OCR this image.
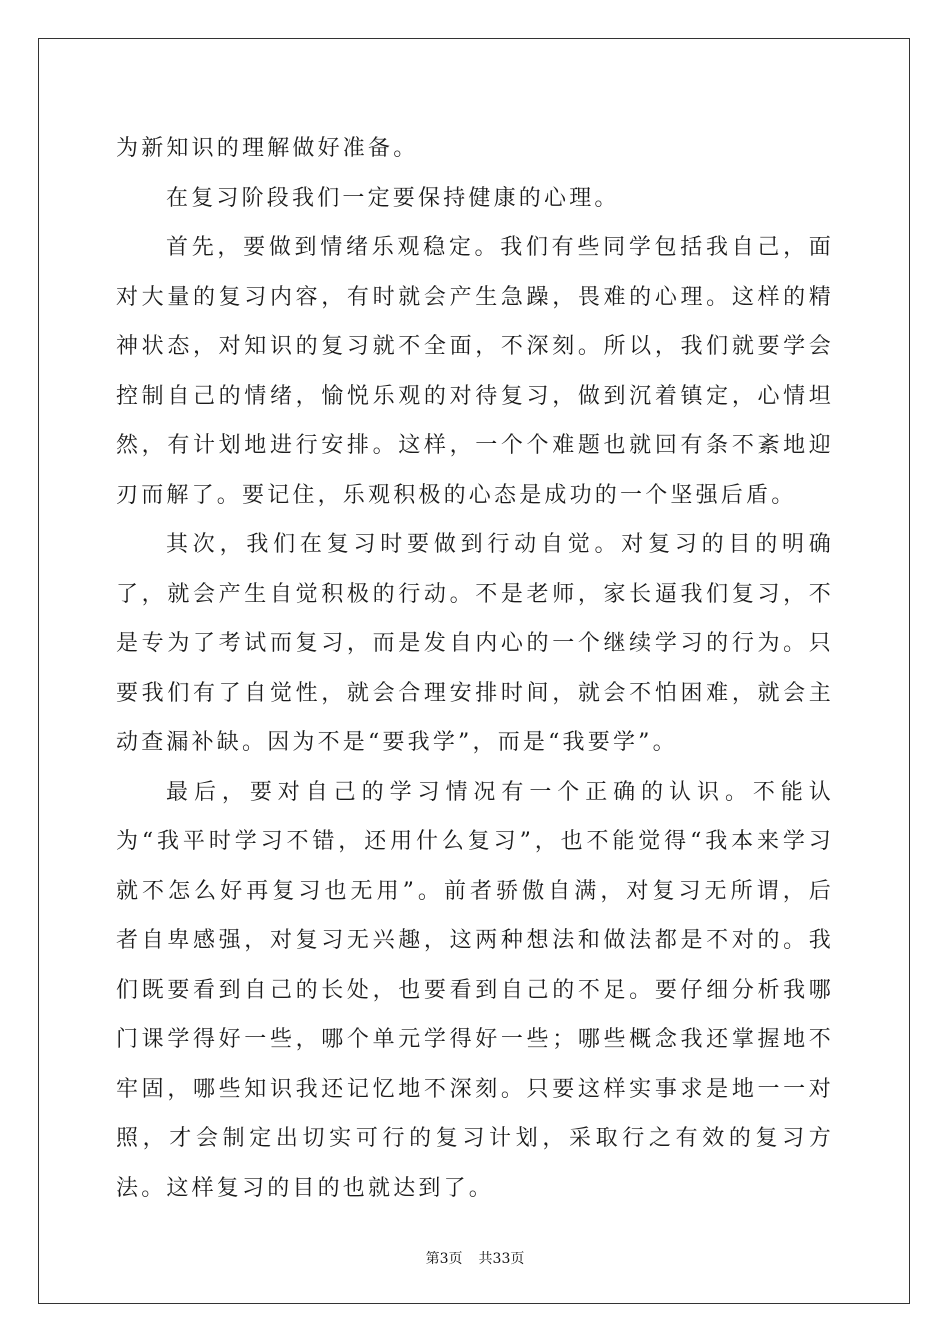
为新知识的理解做好准备。

在复习阶段我们一定要保持健康的心理。

首先，要做到情绪乐观稳定。我们有些同学包括我自己，面对大量的复习内容，有时就会产生急躁，畏难的心理。这样的精神状态，对知识的复习就不全面，不深刻。所以，我们就要学会控制自己的情绪，愉悦乐观的对待复习，做到沉着镇定，心情坦然，有计划地进行安排。这样，一个个难题也就回有条不紊地迎刃而解了。要记住，乐观积极的心态是成功的一个坚强后盾。

其次，我们在复习时要做到行动自觉。对复习的目的明确了，就会产生自觉积极的行动。不是老师，家长逼我们复习，不是专为了考试而复习，而是发自内心的一个继续学习的行为。只要我们有了自觉性，就会合理安排时间，就会不怕困难，就会主动查漏补缺。因为不是“要我学”，而是“我要学”。

最后，要对自己的学习情况有一个正确的认识。不能认为“我平时学习不错，还用什么复习”，也不能觉得“我本来学习就不怎么好再复习也无用”。前者骄傲自满，对复习无所谓，后者自卑感强，对复习无兴趣，这两种想法和做法都是不对的。我们既要看到自己的长处，也要看到自己的不足。要仔细分析我哪门课学得好一些，哪个单元学得好一些；哪些概念我还掌握地不牢固，哪些知识我还记忆地不深刻。只要这样实事求是地一一对照，才会制定出切实可行的复习计划，采取行之有效的复习方法。这样复习的目的也就达到了。

第3页 共33页
